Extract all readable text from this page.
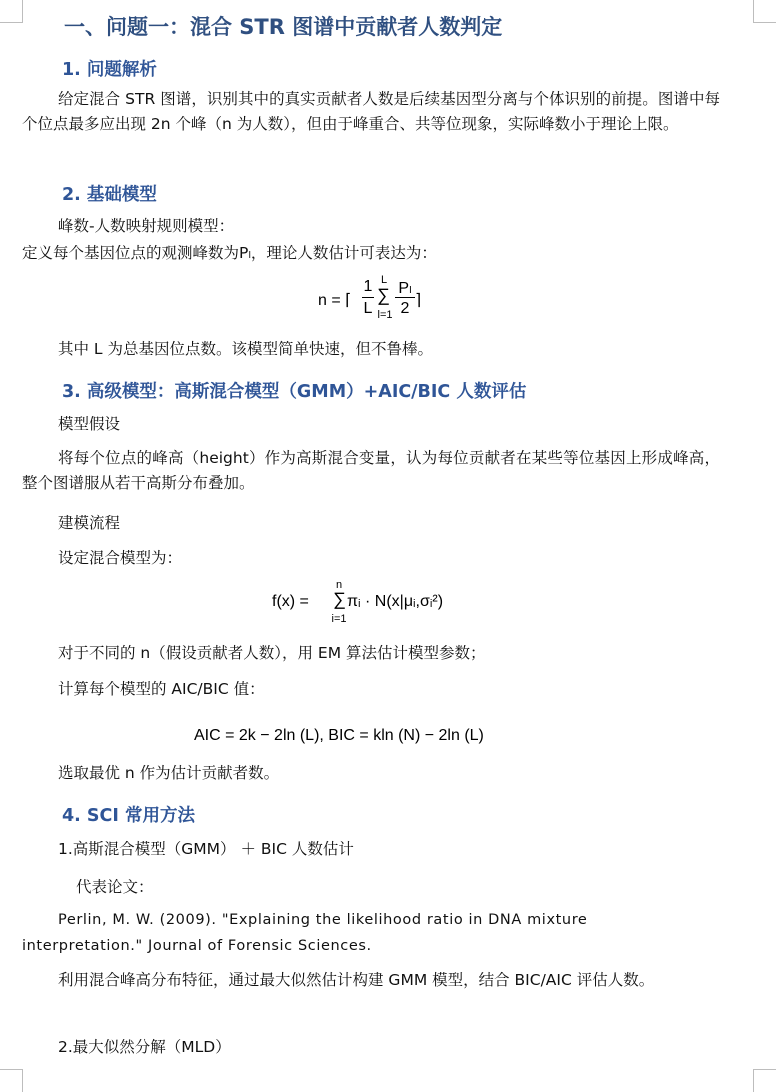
一、问题一：混合 STR 图谱中贡献者人数判定
1. 问题解析
给定混合 STR 图谱，识别其中的真实贡献者人数是后续基因型分离与个体识别的前提。图谱中每个位点最多应出现 2n 个峰（n 为人数），但由于峰重合、共等位现象，实际峰数小于理论上限。
2. 基础模型
峰数-人数映射规则模型：
定义每个基因位点的观测峰数为Pₗ，理论人数估计可表达为：
n = ⌈
1
L
L
∑
l=1
Pₗ
2 ⌉
其中 L 为总基因位点数。该模型简单快速，但不鲁棒。
3. 高级模型：高斯混合模型（GMM）+AIC/BIC 人数评估
模型假设
将每个位点的峰高（height）作为高斯混合变量，认为每位贡献者在某些等位基因上形成峰高，整个图谱服从若干高斯分布叠加。
建模流程
设定混合模型为：
f(x) =
n
∑
i=1
πᵢ · N(x|μᵢ,σᵢ²)
对于不同的 n（假设贡献者人数），用 EM 算法估计模型参数；
计算每个模型的 AIC/BIC 值：
AIC = 2k − 2ln (L), BIC = kln (N) − 2ln (L)
选取最优 n 作为估计贡献者数。
4. SCI 常用方法
1.高斯混合模型（GMM） ＋ BIC 人数估计
代表论文：
Perlin, M. W. (2009). "Explaining the likelihood ratio in DNA mixture
interpretation." Journal of Forensic Sciences.
利用混合峰高分布特征，通过最大似然估计构建 GMM 模型，结合 BIC/AIC 评估人数。
2.最大似然分解（MLD）
